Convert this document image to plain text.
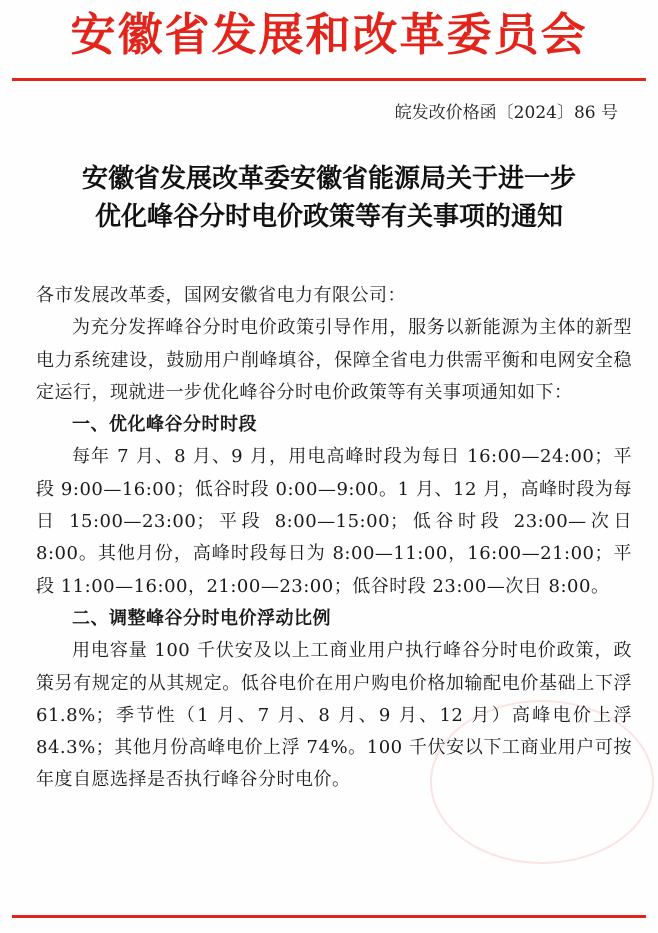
安徽省发展和改革委员会
皖发改价格函〔2024〕86 号
安徽省发展改革委安徽省能源局关于进一步
优化峰谷分时电价政策等有关事项的通知

各市发展改革委，国网安徽省电力有限公司：

为充分发挥峰谷分时电价政策引导作用，服务以新能源为主体的新型电力系统建设，鼓励用户削峰填谷，保障全省电力供需平衡和电网安全稳定运行，现就进一步优化峰谷分时电价政策等有关事项通知如下：

一、优化峰谷分时时段

每年 7 月、8 月、9 月，用电高峰时段为每日 16:00—24:00；平段 9:00—16:00；低谷时段 0:00—9:00。1 月、12 月，高峰时段为每日 15:00—23:00；平段 8:00—15:00；低谷时段 23:00—次日 8:00。其他月份，高峰时段每日为 8:00—11:00，16:00—21:00；平段 11:00—16:00，21:00—23:00；低谷时段 23:00—次日 8:00。

二、调整峰谷分时电价浮动比例

用电容量 100 千伏安及以上工商业用户执行峰谷分时电价政策，政策另有规定的从其规定。低谷电价在用户购电价格加输配电价基础上下浮 61.8%；季节性（1 月、7 月、8 月、9 月、12 月）高峰电价上浮 84.3%；其他月份高峰电价上浮 74%。100 千伏安以下工商业用户可按年度自愿选择是否执行峰谷分时电价。
